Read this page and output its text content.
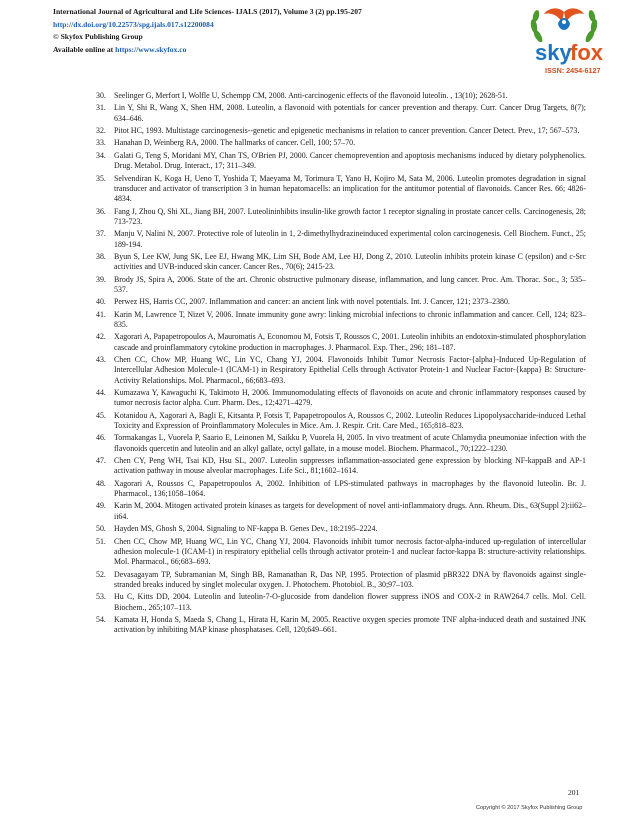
International Journal of Agricultural and Life Sciences- IJALS (2017), Volume 3 (2) pp.195-207
http://dx.doi.org/10.22573/spg.ijals.017.s12200084
© Skyfox Publishing Group
Available online at https://www.skyfox.co	sky
fox
ISSN: 2454-6127
30. Seelinger G, Merfort I, Wolfle U, Schempp CM, 2008. Anti-carcinogenic effects of the flavonoid luteolin. , 13(10); 2628-51.
31. Lin Y, Shi R, Wang X, Shen HM, 2008. Luteolin, a flavonoid with potentials for cancer prevention and therapy. Curr. Cancer Drug Targets, 8(7); 634–646.
32. Pitot HC, 1993. Multistage carcinogenesis--genetic and epigenetic mechanisms in relation to cancer prevention. Cancer Detect. Prev., 17; 567–573.
33. Hanahan D, Weinberg RA, 2000. The hallmarks of cancer. Cell, 100; 57–70.
34. Galati G, Teng S, Moridani MY, Chan TS, O'Brien PJ, 2000. Cancer chemoprevention and apoptosis mechanisms induced by dietary polyphenolics. Drug. Metabol. Drug. Interact., 17; 311–349.
35. Selvendiran K, Koga H, Ueno T, Yoshida T, Maeyama M, Torimura T, Yano H, Kojiro M, Sata M, 2006. Luteolin promotes degradation in signal transducer and activator of transcription 3 in human hepatomacells: an implication for the antitumor potential of flavonoids. Cancer Res. 66; 4826-4834.
36. Fang J, Zhou Q, Shi XL, Jiang BH, 2007. Luteolininhibits insulin-like growth factor 1 receptor signaling in prostate cancer cells. Carcinogenesis, 28; 713-723.
37. Manju V, Nalini N, 2007. Protective role of luteolin in 1, 2-dimethylhydrazineinduced experimental colon carcinogenesis. Cell Biochem. Funct., 25; 189-194.
38. Byun S, Lee KW, Jung SK, Lee EJ, Hwang MK, Lim SH, Bode AM, Lee HJ, Dong Z, 2010. Luteolin inhibits protein kinase C (epsilon) and c-Src activities and UVB-induced skin cancer. Cancer Res., 70(6); 2415-23.
39. Brody JS, Spira A, 2006. State of the art. Chronic obstructive pulmonary disease, inflammation, and lung cancer. Proc. Am. Thorac. Soc., 3; 535–537.
40. Perwez HS, Harris CC, 2007. Inflammation and cancer: an ancient link with novel potentials. Int. J. Cancer, 121; 2373–2380.
41. Karin M, Lawrence T, Nizet V, 2006. Innate immunity gone awry: linking microbial infections to chronic inflammation and cancer. Cell, 124; 823–835.
42. Xagorari A, Papapetropoulos A, Mauromatis A, Economou M, Fotsis T, Roussos C, 2001. Luteolin inhibits an endotoxin-stimulated phosphorylation cascade and proinflammatory cytokine production in macrophages. J. Pharmacol. Exp. Ther., 296; 181–187.
43. Chen CC, Chow MP, Huang WC, Lin YC, Chang YJ, 2004. Flavonoids Inhibit Tumor Necrosis Factor-{alpha}-Induced Up-Regulation of Intercellular Adhesion Molecule-1 (ICAM-1) in Respiratory Epithelial Cells through Activator Protein-1 and Nuclear Factor-{kappa} B: Structure-Activity Relationships. Mol. Pharmacol., 66;683–693.
44. Kumazawa Y, Kawaguchi K, Takimoto H, 2006. Immunomodulating effects of flavonoids on acute and chronic inflammatory responses caused by tumor necrosis factor alpha. Curr. Pharm. Des., 12;4271–4279.
45. Kotanidou A, Xagorari A, Bagli E, Kitsanta P, Fotsis T, Papapetropoulos A, Roussos C, 2002. Luteolin Reduces Lipopolysaccharide-induced Lethal Toxicity and Expression of Proinflammatory Molecules in Mice. Am. J. Respir. Crit. Care Med., 165;818–823.
46. Tormakangas L, Vuorela P, Saario E, Leinonen M, Saikku P, Vuorela H, 2005. In vivo treatment of acute Chlamydia pneumoniae infection with the flavonoids quercetin and luteolin and an alkyl gallate, octyl gallate, in a mouse model. Biochem. Pharmacol., 70;1222–1230.
47. Chen CY, Peng WH, Tsai KD, Hsu SL, 2007. Luteolin suppresses inflammation-associated gene expression by blocking NF-kappaB and AP-1 activation pathway in mouse alveolar macrophages. Life Sci., 81;1602–1614.
48. Xagorari A, Roussos C, Papapetropoulos A, 2002. Inhibition of LPS-stimulated pathways in macrophages by the flavonoid luteolin. Br. J. Pharmacol., 136;1058–1064.
49. Karin M, 2004. Mitogen activated protein kinases as targets for development of novel anti-inflammatory drugs. Ann. Rheum. Dis., 63(Suppl 2):ii62–ii64.
50. Hayden MS, Ghosh S, 2004. Signaling to NF-kappa B. Genes Dev., 18:2195–2224.
51. Chen CC, Chow MP, Huang WC, Lin YC, Chang YJ, 2004. Flavonoids inhibit tumor necrosis factor-alpha-induced up-regulation of intercellular adhesion molecule-1 (ICAM-1) in respiratory epithelial cells through activator protein-1 and nuclear factor-kappa B: structure-activity relationships. Mol. Pharmacol., 66;683–693.
52. Devasagayam TP, Subramanian M, Singh BB, Ramanathan R, Das NP, 1995. Protection of plasmid pBR322 DNA by flavonoids against single-stranded breaks induced by singlet molecular oxygen. J. Photochem. Photobiol. B., 30;97–103.
53. Hu C, Kitts DD, 2004. Luteolin and luteolin-7-O-glucoside from dandelion flower suppress iNOS and COX-2 in RAW264.7 cells. Mol. Cell. Biochem., 265;107–113.
54. Kamata H, Honda S, Maeda S, Chang L, Hirata H, Karin M, 2005. Reactive oxygen species promote TNF alpha-induced death and sustained JNK activation by inhibiting MAP kinase phosphatases. Cell, 120;649–661.
201
Copyright © 2017 Skyfox Publishing Group
